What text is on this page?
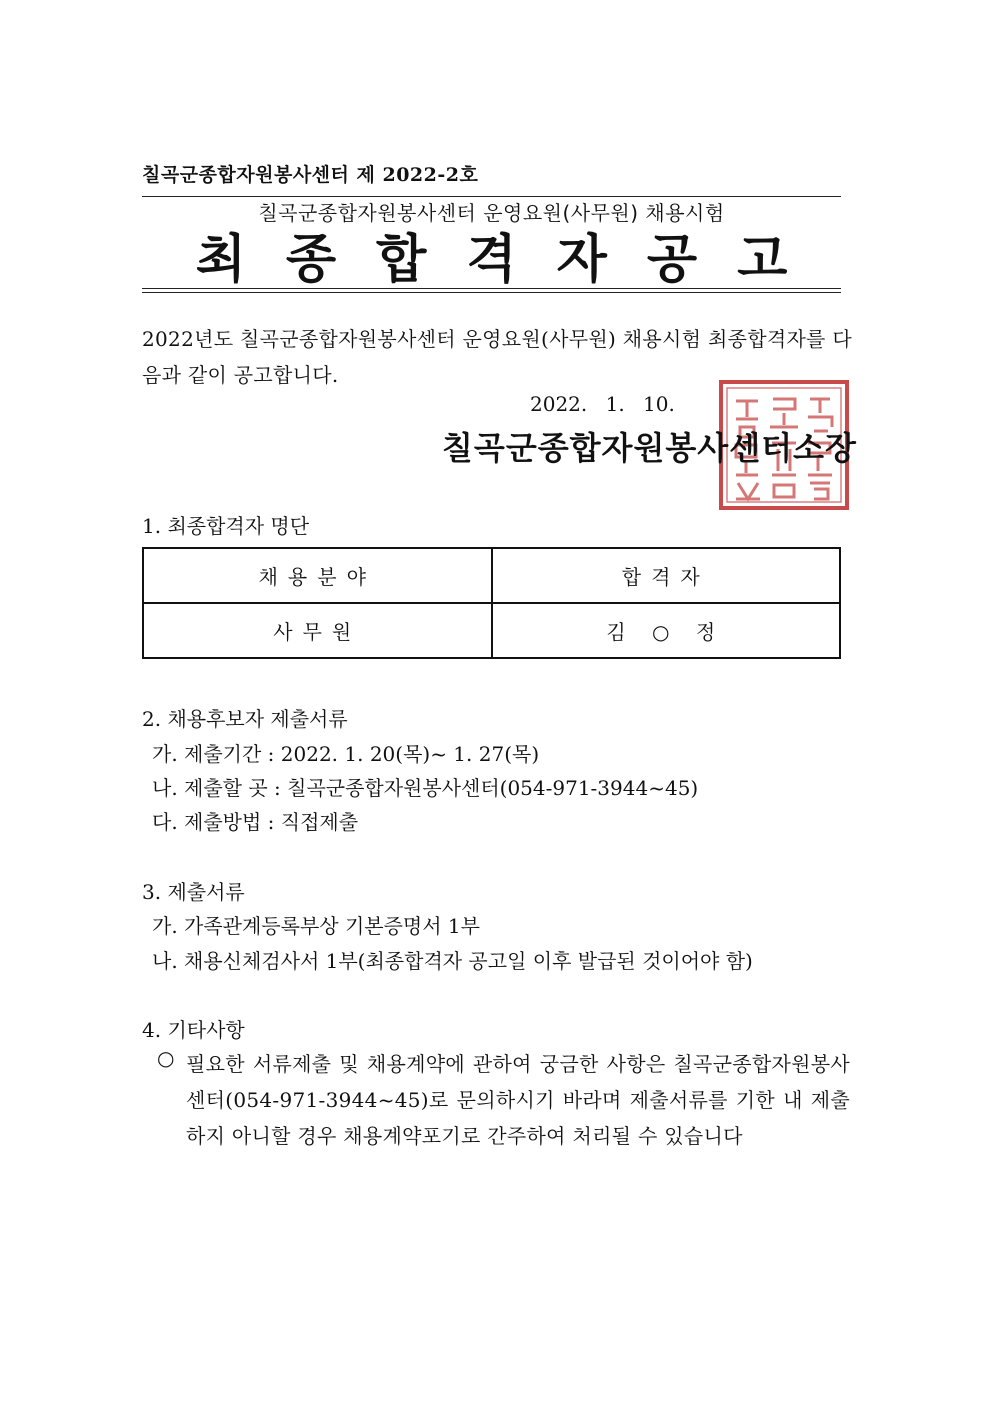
칠곡군종합자원봉사센터 제 2022-2호
칠곡군종합자원봉사센터 운영요원(사무원) 채용시험
최종합격자공고
2022년도 칠곡군종합자원봉사센터 운영요원(사무원) 채용시험 최종합격자를 다음과 같이 공고합니다.
2022. 1. 10.
칠곡군종합자원봉사센터소장
1. 최종합격자 명단
채용분야	합격자
사무원	김 ○ 정
2. 채용후보자 제출서류
가. 제출기간 : 2022. 1. 20(목)~ 1. 27(목)
나. 제출할 곳 : 칠곡군종합자원봉사센터(054-971-3944~45)
다. 제출방법 : 직접제출
3. 제출서류
가. 가족관계등록부상 기본증명서 1부
나. 채용신체검사서 1부(최종합격자 공고일 이후 발급된 것이어야 함)
4. 기타사항
○ 필요한 서류제출 및 채용계약에 관하여 궁금한 사항은 칠곡군종합자원봉사센터(054-971-3944~45)로 문의하시기 바라며 제출서류를 기한 내 제출하지 아니할 경우 채용계약포기로 간주하여 처리될 수 있습니다
